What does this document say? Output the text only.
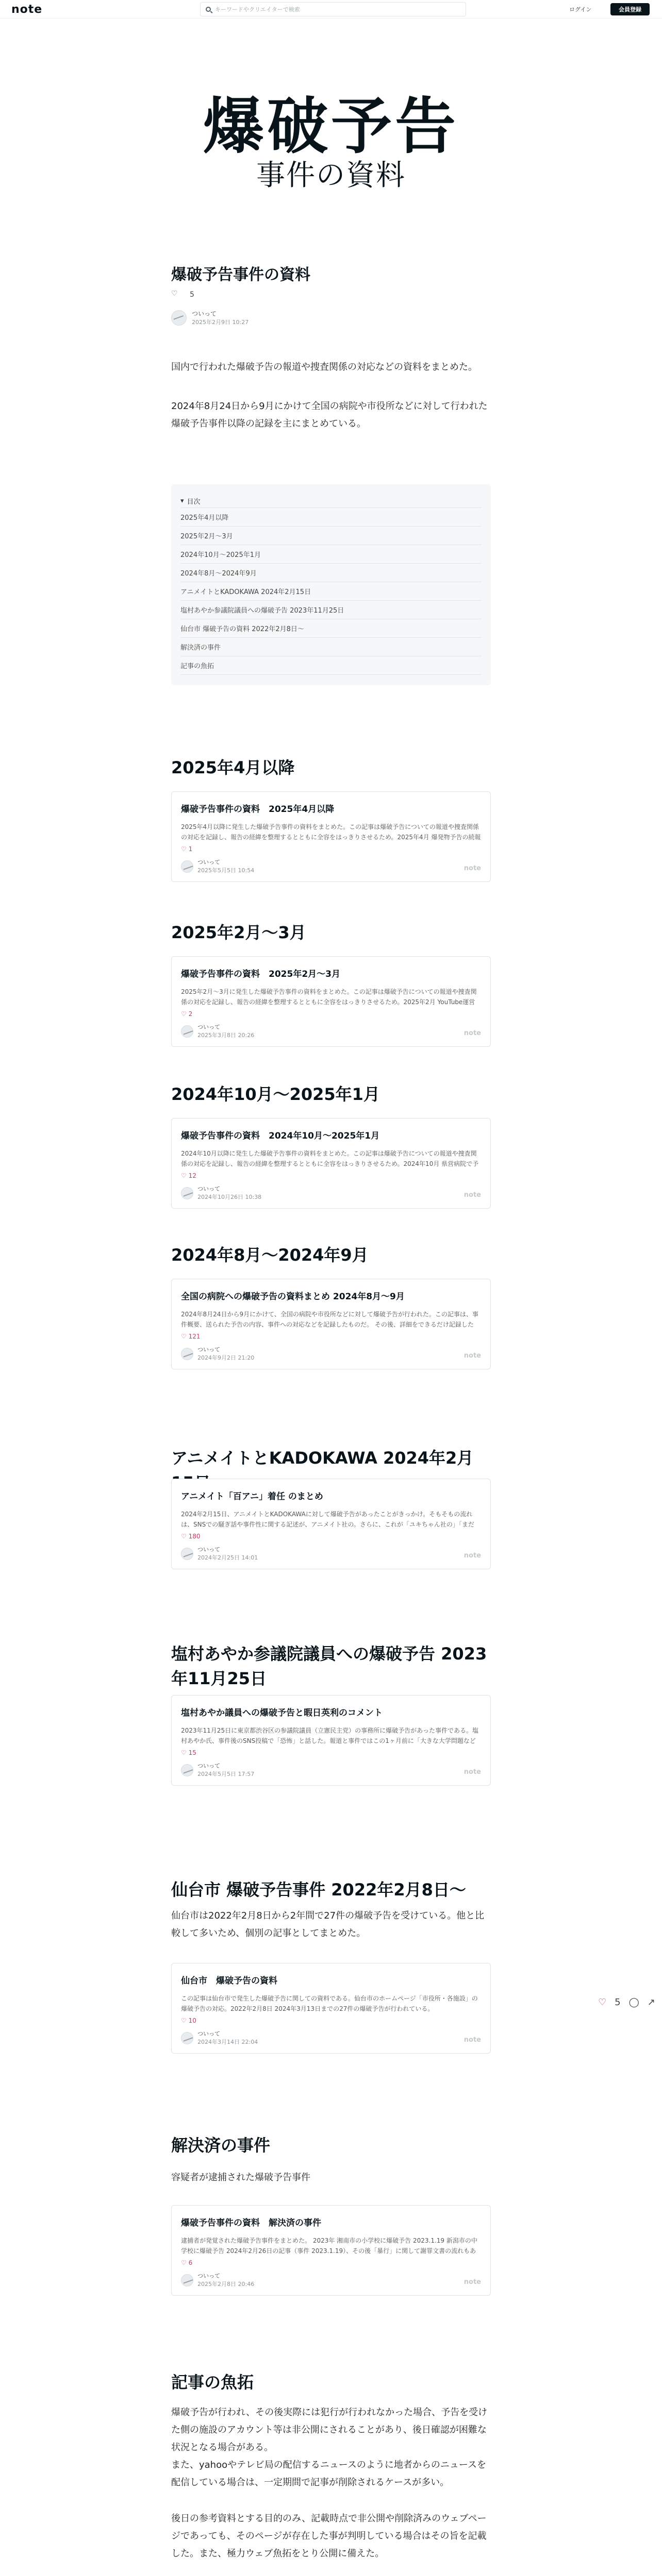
note	キーワードやクリエイターで検索	ログイン	会員登録
爆破予告
事件の資料
爆破予告事件の資料
♡ 5
ついって
2025年2月9日 10:27
国内で行われた爆破予告の報道や捜査関係の対応などの資料をまとめた。
2024年8月24日から9月にかけて全国の病院や市役所などに対して行われた爆破予告事件以降の記録を主にまとめている。
▾ 目次
2025年4月以降
2025年2月〜3月
2024年10月〜2025年1月
2024年8月〜2024年9月
アニメイトとKADOKAWA 2024年2月15日
塩村あやか参議院議員への爆破予告 2023年11月25日
仙台市 爆破予告の資料 2022年2月8日〜
解決済の事件
記事の魚拓
2025年4月以降
爆破予告事件の資料　2025年4月以降
2025年4月以降に発生した爆破予告事件の資料をまとめた。この記事は爆破予告についての報道や捜査関係の対応を記録し、報告の経緯を整理するとともに全容をはっきりさせるため。2025年4月 爆発物予告の続報
♡ 1
ついって
2025年5月5日 10:54	note
2025年2月〜3月
爆破予告事件の資料　2025年2月〜3月
2025年2月〜3月に発生した爆破予告事件の資料をまとめた。この記事は爆破予告についての報道や捜査関係の対応を記録し、報告の経緯を整理するとともに全容をはっきりさせるため。2025年2月 YouTube運営
♡ 2
ついって
2025年3月8日 20:26	note
2024年10月〜2025年1月
爆破予告事件の資料　2024年10月〜2025年1月
2024年10月以降に発生した爆破予告事件の資料をまとめた。この記事は爆破予告についての報道や捜査関係の対応を記録し、報告の経緯を整理するとともに全容をはっきりさせるため。2024年10月 県営病院で予
♡ 12
ついって
2024年10月26日 10:38	note
2024年8月〜2024年9月
全国の病院への爆破予告の資料まとめ 2024年8月〜9月
2024年8月24日から9月にかけて、全国の病院や市役所などに対して爆破予告が行われた。この記事は、事件概要、送られた予告の内容、事件への対応などを記録したものだ。 その後、詳細をできるだけ記録した　
♡ 121
ついって
2024年9月2日 21:20	note
アニメイトとKADOKAWA 2024年2月
アニメイト「百アニ」着任 のまとめ
2024年2月15日、アニメイトとKADOKAWAに対して爆破予告があったことがきっかけ。そもそもの流れは、SNSでの騒ぎ話や事件性に関する記述が、アニメイト社の。さらに、これが「ユキちゃん社の」「まだ
♡ 180
ついって
2024年2月25日 14:01	note
塩村あやか参議院議員への爆破予告 2023年11月25日
塩村あやか議員への爆破予告と暇日英利のコメント
2023年11月25日に東京都渋谷区の参議院議員（立憲民主党）の事務所に爆破予告があった事件である。塩村あやか氏、事件後のSNS投稿で「恐怖」と話した。報道と事件ではこの1ヶ月前に「大きな大学問題など
♡ 15
ついって
2024年5月5日 17:57	note
仙台市 爆破予告事件 2022年2月8日〜
仙台市は2022年2月8日から2年間で27件の爆破予告を受けている。他と比較して多いため、個別の記事としてまとめた。
仙台市　爆破予告の資料
この記事は仙台市で発生した爆破予告に関しての資料である。仙台市のホームページ「市役所・各施設」の爆破予告の対応。2022年2月8日 2024年3月13日までの27件の爆破予告が行われている。
♡ 10
ついって
2024年3月14日 22:04	note
解決済の事件
容疑者が逮捕された爆破予告事件
爆破予告事件の資料　解決済の事件
逮捕者が発覚された爆破予告事件をまとめた。 2023年 湘南市の小学校に爆破予告 2023.1.19 新潟市の中学校に爆破予告 2024年2月26日の記事（事件 2023.1.19）、その後「暴行」に関して謝罪文書の流れもあ
♡ 6
ついって
2025年2月8日 20:46	note
記事の魚拓
爆破予告が行われ、その後実際には犯行が行われなかった場合、予告を受けた側の施設のアカウント等は非公開にされることがあり、後日確認が困難な状況となる場合がある。
また、yahooやテレビ局の配信するニュースのように地者からのニュースを配信している場合は、一定期間で記事が削除されるケースが多い。
後日の参考資料とする目的のみ、記載時点で非公開や削除済みのウェブページであっても、そのページが存在した事が判明している場合はその旨を記載した。また、極力ウェブ魚拓をとり公開に備えた。
♡ 5 ◯ ↗
